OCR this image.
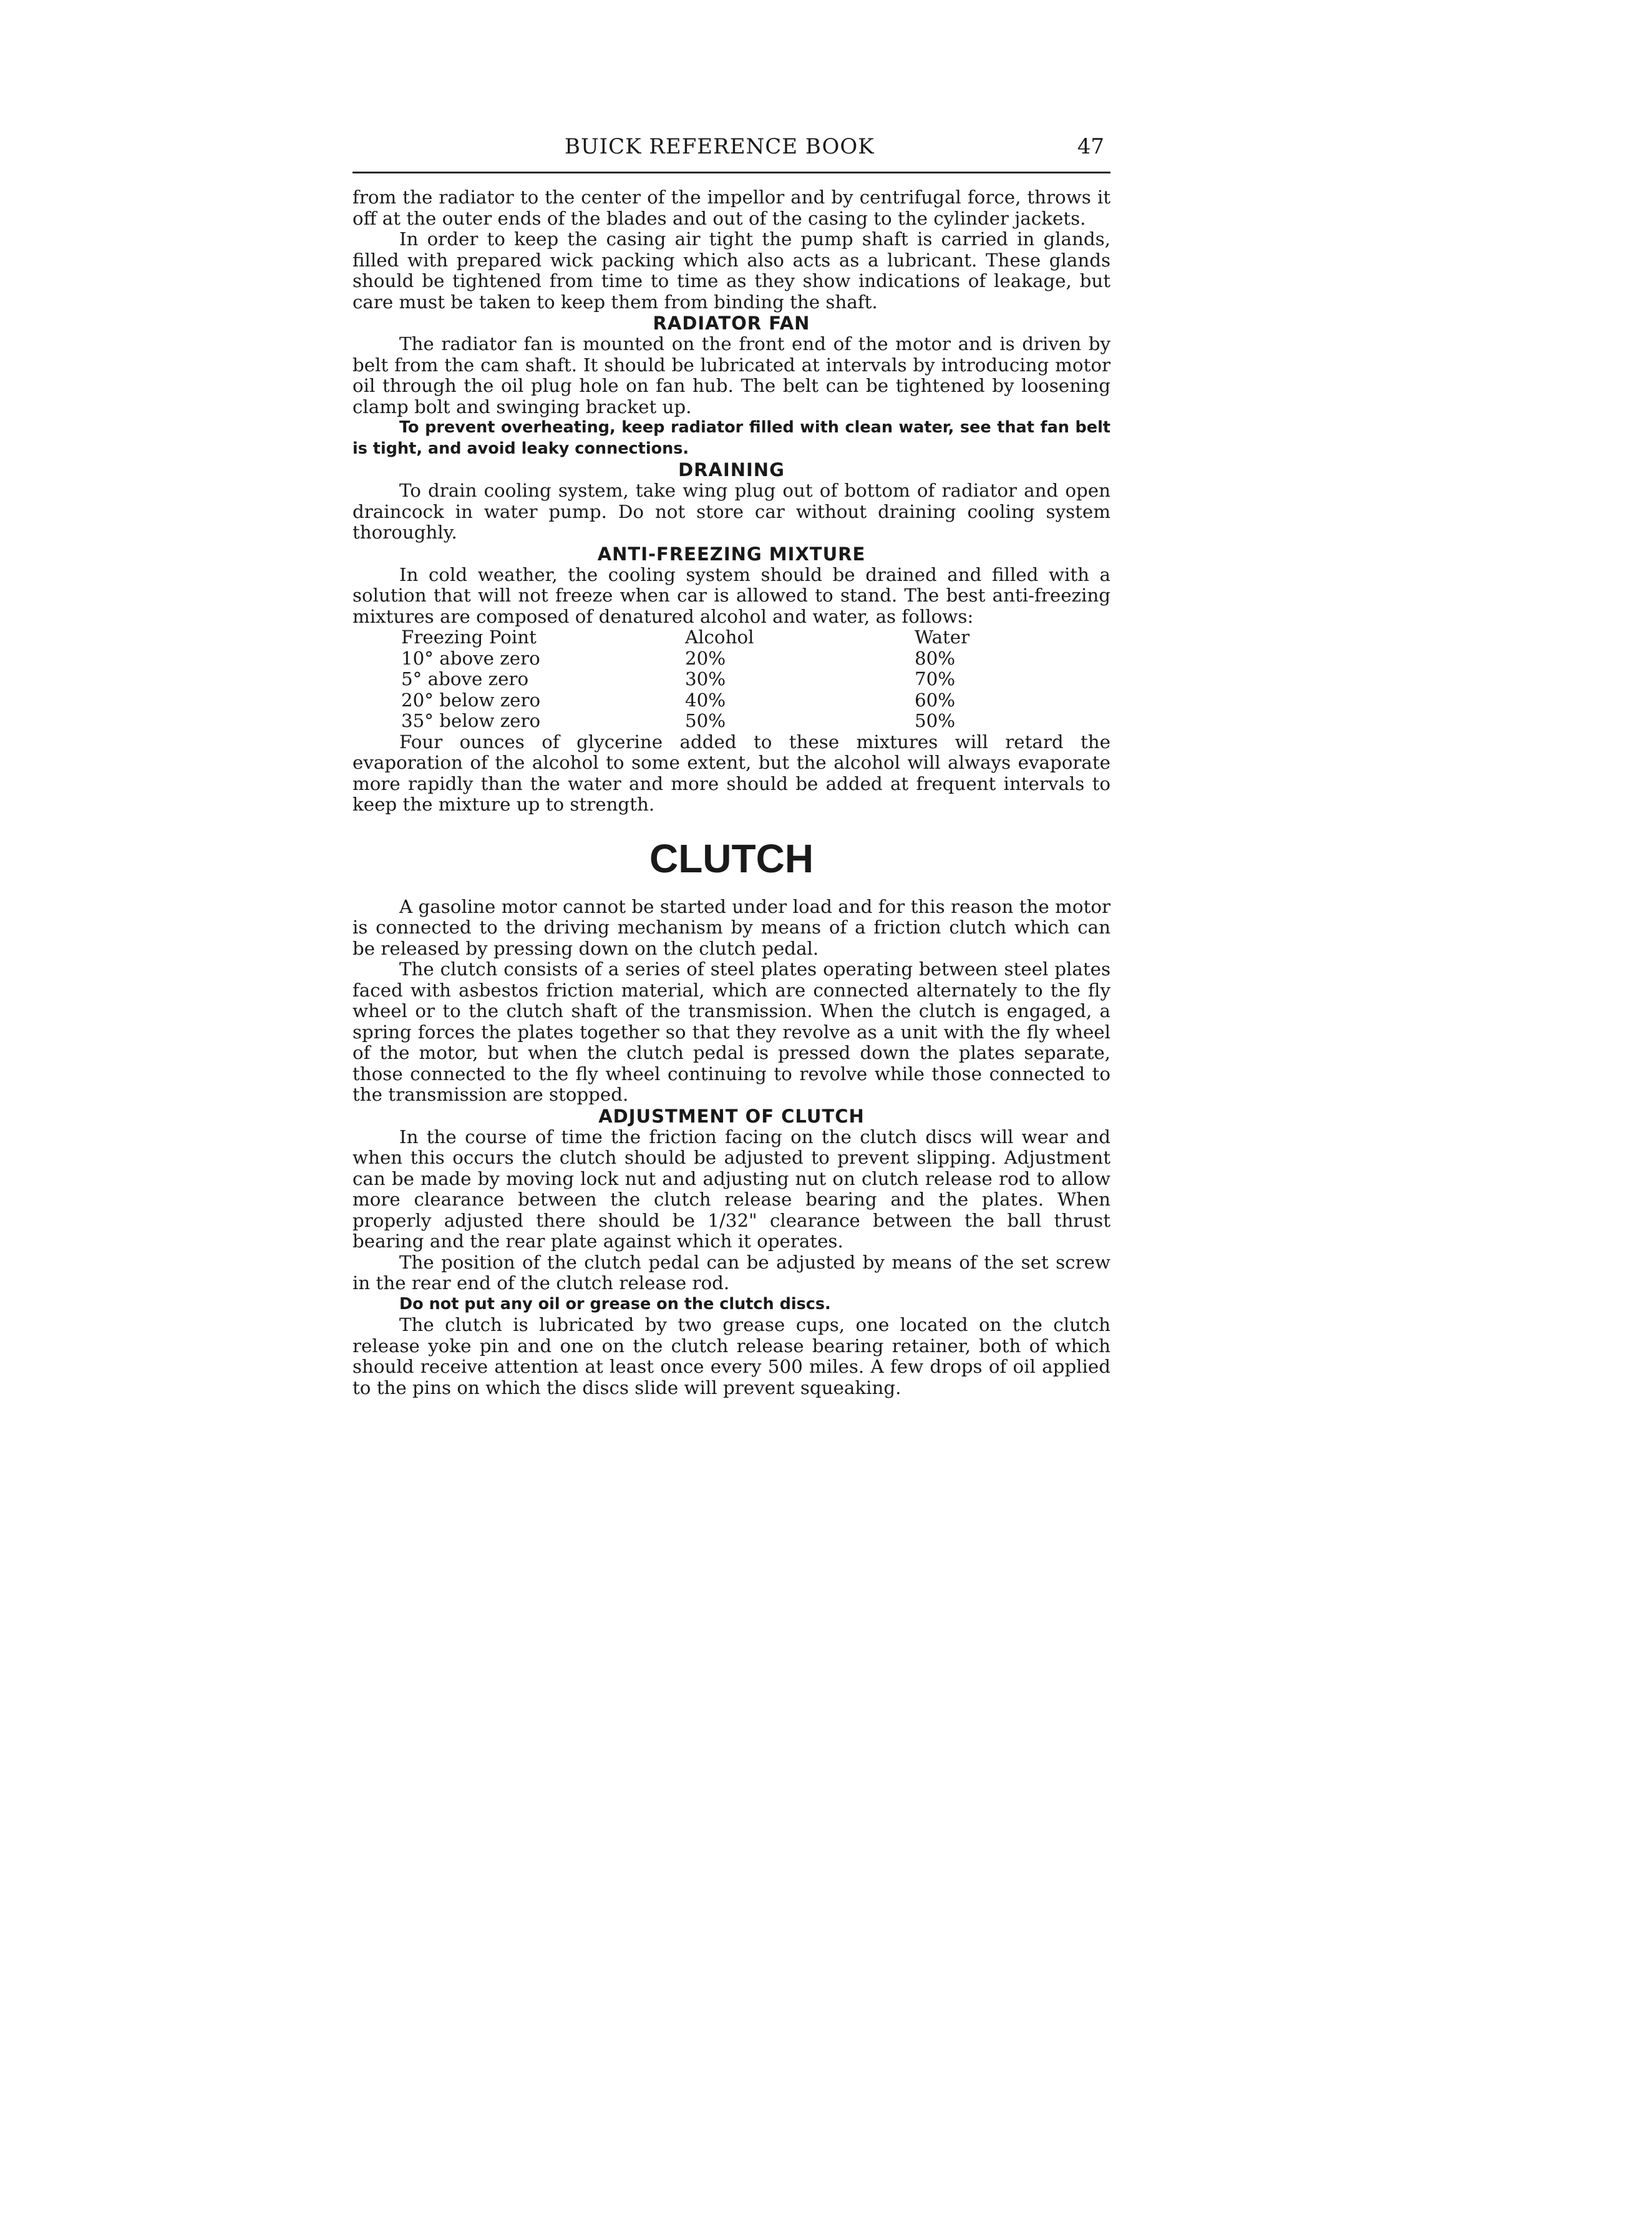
BUICK REFERENCE BOOK	47

from the radiator to the center of the impellor and by centrifugal force, throws it off at the outer ends of the blades and out of the casing to the cylinder jackets.

In order to keep the casing air tight the pump shaft is carried in glands, filled with prepared wick packing which also acts as a lubricant. These glands should be tightened from time to time as they show indications of leakage, but care must be taken to keep them from binding the shaft.

RADIATOR FAN

The radiator fan is mounted on the front end of the motor and is driven by belt from the cam shaft. It should be lubricated at intervals by introducing motor oil through the oil plug hole on fan hub. The belt can be tightened by loosening clamp bolt and swinging bracket up.

To prevent overheating, keep radiator filled with clean water, see that fan belt is tight, and avoid leaky connections.

DRAINING

To drain cooling system, take wing plug out of bottom of radiator and open draincock in water pump. Do not store car without draining cooling system thoroughly.

ANTI-FREEZING MIXTURE

In cold weather, the cooling system should be drained and filled with a solution that will not freeze when car is allowed to stand. The best anti-freezing mixtures are composed of denatured alcohol and water, as follows:

Freezing Point	Alcohol	Water
10° above zero	20%	80%
5° above zero	30%	70%
20° below zero	40%	60%
35° below zero	50%	50%

Four ounces of glycerine added to these mixtures will retard the evaporation of the alcohol to some extent, but the alcohol will always evaporate more rapidly than the water and more should be added at frequent intervals to keep the mixture up to strength.

CLUTCH

A gasoline motor cannot be started under load and for this reason the motor is connected to the driving mechanism by means of a friction clutch which can be released by pressing down on the clutch pedal.

The clutch consists of a series of steel plates operating between steel plates faced with asbestos friction material, which are connected alternately to the fly wheel or to the clutch shaft of the transmission. When the clutch is engaged, a spring forces the plates together so that they revolve as a unit with the fly wheel of the motor, but when the clutch pedal is pressed down the plates separate, those connected to the fly wheel continuing to revolve while those connected to the transmission are stopped.

ADJUSTMENT OF CLUTCH

In the course of time the friction facing on the clutch discs will wear and when this occurs the clutch should be adjusted to prevent slipping. Adjustment can be made by moving lock nut and adjusting nut on clutch release rod to allow more clearance between the clutch release bearing and the plates. When properly adjusted there should be 1/32" clearance between the ball thrust bearing and the rear plate against which it operates.

The position of the clutch pedal can be adjusted by means of the set screw in the rear end of the clutch release rod.

Do not put any oil or grease on the clutch discs.

The clutch is lubricated by two grease cups, one located on the clutch release yoke pin and one on the clutch release bearing retainer, both of which should receive attention at least once every 500 miles. A few drops of oil applied to the pins on which the discs slide will prevent squeaking.
